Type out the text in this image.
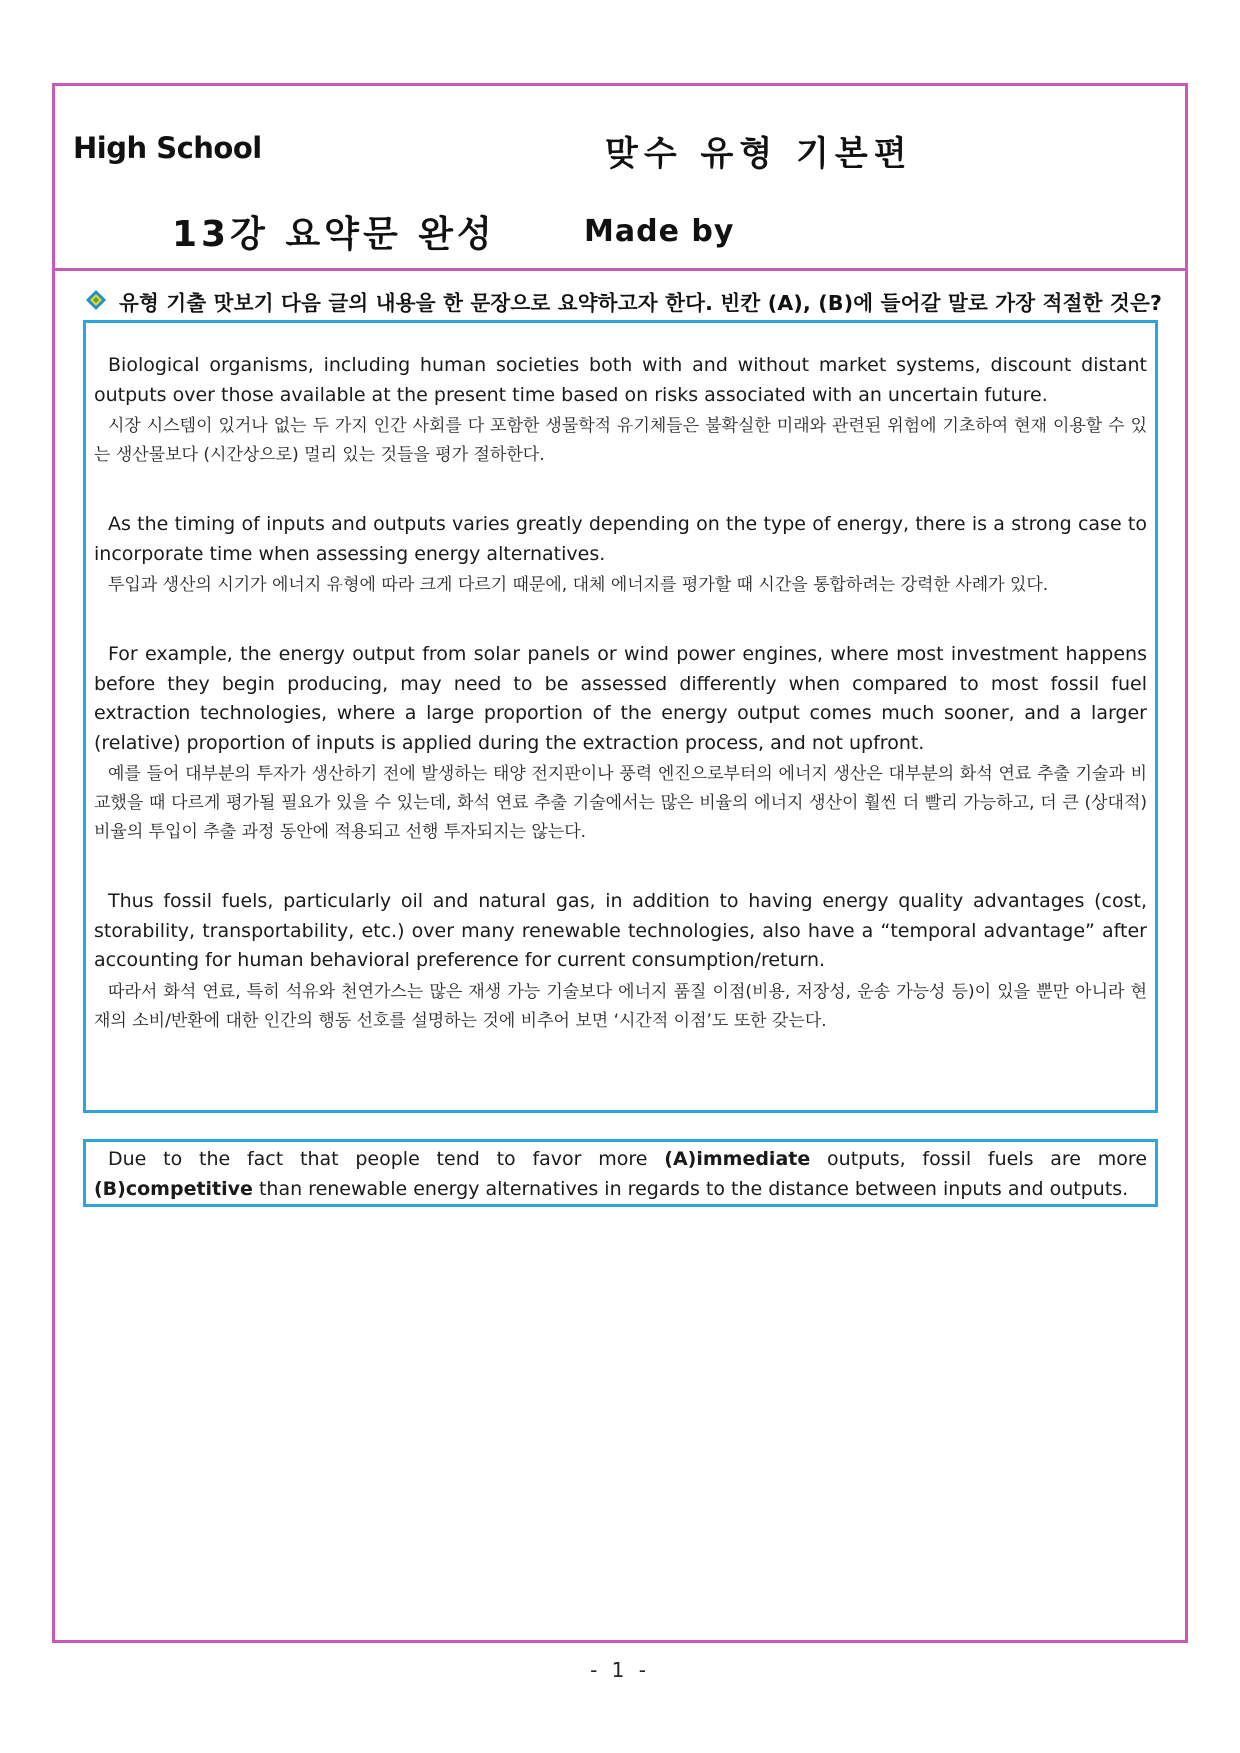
High School	맞수 유형 기본편
13강 요약문 완성	Made by
유형 기출 맛보기 다음 글의 내용을 한 문장으로 요약하고자 한다. 빈칸 (A), (B)에 들어갈 말로 가장 적절한 것은?

Biological organisms, including human societies both with and without market systems, discount distant outputs over those available at the present time based on risks associated with an uncertain future.

시장 시스템이 있거나 없는 두 가지 인간 사회를 다 포함한 생물학적 유기체들은 불확실한 미래와 관련된 위험에 기초하여 현재 이용할 수 있는 생산물보다 (시간상으로) 멀리 있는 것들을 평가 절하한다.

As the timing of inputs and outputs varies greatly depending on the type of energy, there is a strong case to incorporate time when assessing energy alternatives.

투입과 생산의 시기가 에너지 유형에 따라 크게 다르기 때문에, 대체 에너지를 평가할 때 시간을 통합하려는 강력한 사례가 있다.

For example, the energy output from solar panels or wind power engines, where most investment happens before they begin producing, may need to be assessed differently when compared to most fossil fuel extraction technologies, where a large proportion of the energy output comes much sooner, and a larger (relative) proportion of inputs is applied during the extraction process, and not upfront.

예를 들어 대부분의 투자가 생산하기 전에 발생하는 태양 전지판이나 풍력 엔진으로부터의 에너지 생산은 대부분의 화석 연료 추출 기술과 비교했을 때 다르게 평가될 필요가 있을 수 있는데, 화석 연료 추출 기술에서는 많은 비율의 에너지 생산이 훨씬 더 빨리 가능하고, 더 큰 (상대적) 비율의 투입이 추출 과정 동안에 적용되고 선행 투자되지는 않는다.

Thus fossil fuels, particularly oil and natural gas, in addition to having energy quality advantages (cost, storability, transportability, etc.) over many renewable technologies, also have a “temporal advantage” after accounting for human behavioral preference for current consumption/return.

따라서 화석 연료, 특히 석유와 천연가스는 많은 재생 가능 기술보다 에너지 품질 이점(비용, 저장성, 운송 가능성 등)이 있을 뿐만 아니라 현재의 소비/반환에 대한 인간의 행동 선호를 설명하는 것에 비추어 보면 ‘시간적 이점’도 또한 갖는다.

Due to the fact that people tend to favor more (A)immediate outputs, fossil fuels are more (B)competitive than renewable energy alternatives in regards to the distance between inputs and outputs.

- 1 -
